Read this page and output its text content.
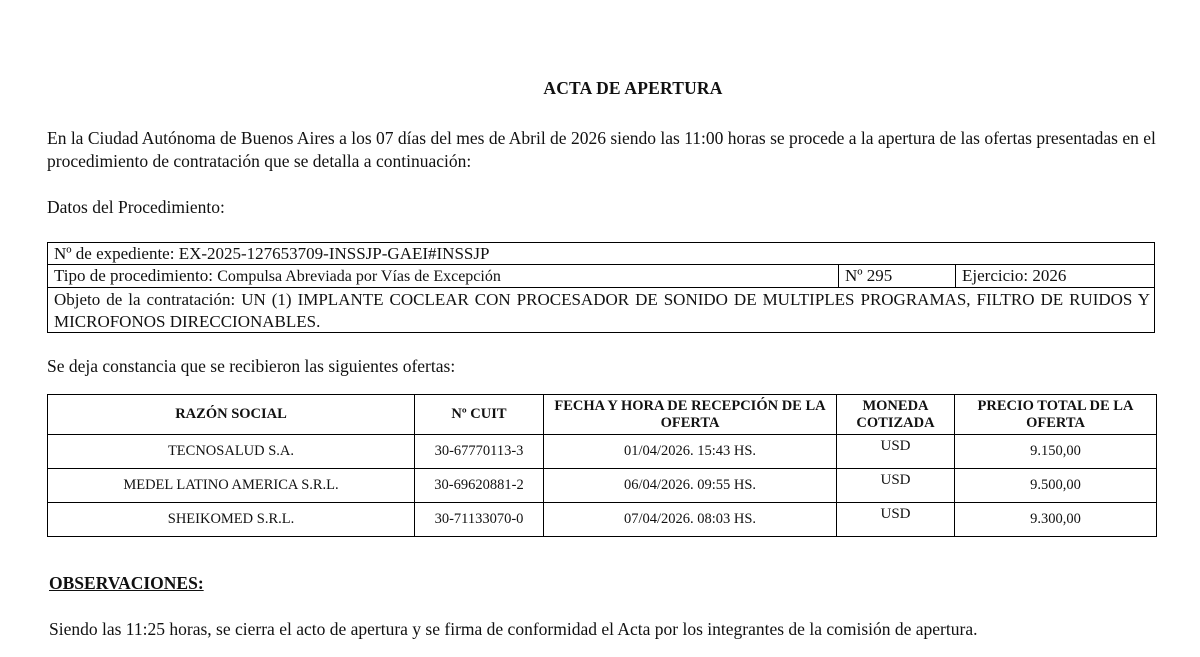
ACTA DE APERTURA
En la Ciudad Autónoma de Buenos Aires a los 07 días del mes de Abril de 2026 siendo las 11:00 horas se procede a la apertura de las ofertas presentadas en el procedimiento de contratación que se detalla a continuación:
Datos del Procedimiento:
Nº de expediente: EX-2025-127653709-INSSJP-GAEI#INSSJP
Tipo de procedimiento: Compulsa Abreviada por Vías de Excepción	Nº 295	Ejercicio: 2026
Objeto de la contratación: UN (1) IMPLANTE COCLEAR CON PROCESADOR DE SONIDO DE MULTIPLES PROGRAMAS, FILTRO DE RUIDOS Y MICROFONOS DIRECCIONABLES.
Se deja constancia que se recibieron las siguientes ofertas:
RAZÓN SOCIAL	Nº CUIT	FECHA Y HORA DE RECEPCIÓN DE LA OFERTA	MONEDA COTIZADA	PRECIO TOTAL DE LA OFERTA
TECNOSALUD S.A.	30-67770113-3	01/04/2026. 15:43 HS.	USD	9.150,00
MEDEL LATINO AMERICA S.R.L.	30-69620881-2	06/04/2026. 09:55 HS.	USD	9.500,00
SHEIKOMED S.R.L.	30-71133070-0	07/04/2026. 08:03 HS.	USD	9.300,00
OBSERVACIONES:
Siendo las 11:25 horas, se cierra el acto de apertura y se firma de conformidad el Acta por los integrantes de la comisión de apertura.
